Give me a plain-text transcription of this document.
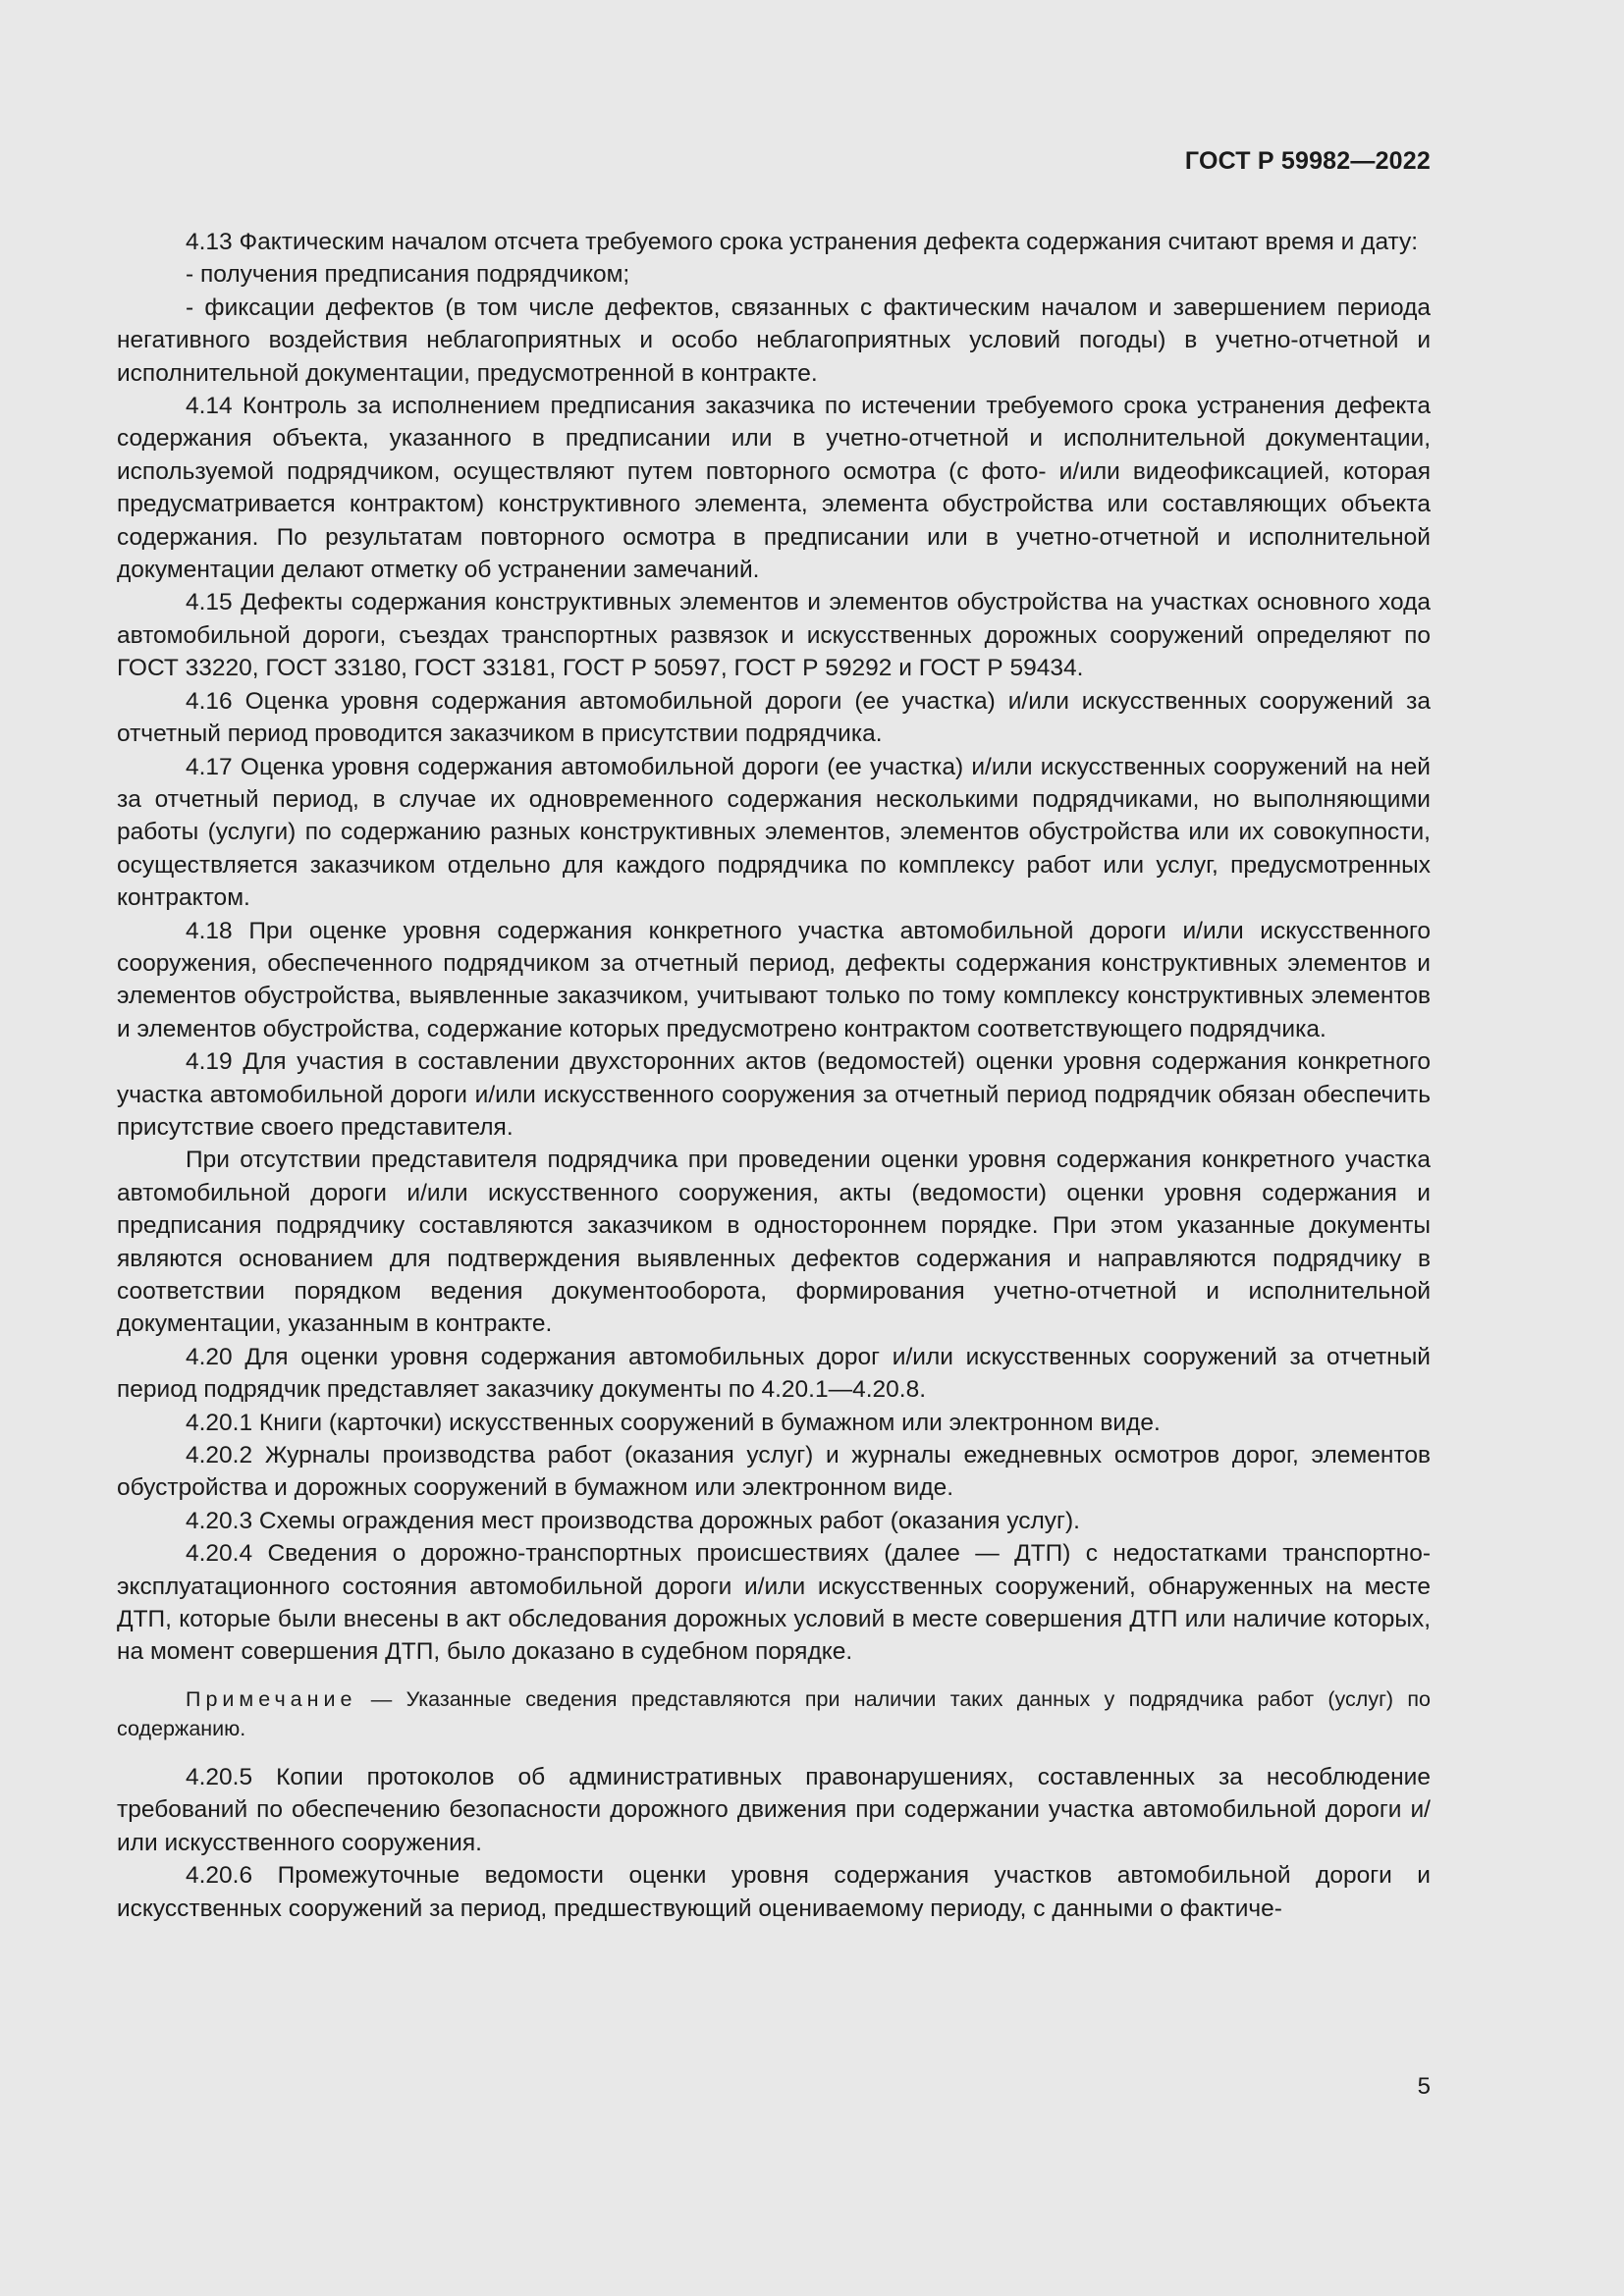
ГОСТ Р 59982—2022

4.13 Фактическим началом отсчета требуемого срока устранения дефекта содержания считают время и дату:

- получения предписания подрядчиком;

- фиксации дефектов (в том числе дефектов, связанных с фактическим началом и завершением периода негативного воздействия неблагоприятных и особо неблагоприятных условий погоды) в учетно-отчетной и исполнительной документации, предусмотренной в контракте.

4.14 Контроль за исполнением предписания заказчика по истечении требуемого срока устранения дефекта содержания объекта, указанного в предписании или в учетно-отчетной и исполнительной документации, используемой подрядчиком, осуществляют путем повторного осмотра (с фото- и/или видеофиксацией, которая предусматривается контрактом) конструктивного элемента, элемента обустройства или составляющих объекта содержания. По результатам повторного осмотра в предписании или в учетно-отчетной и исполнительной документации делают отметку об устранении замечаний.

4.15 Дефекты содержания конструктивных элементов и элементов обустройства на участках основного хода автомобильной дороги, съездах транспортных развязок и искусственных дорожных сооружений определяют по ГОСТ 33220, ГОСТ 33180, ГОСТ 33181, ГОСТ Р 50597, ГОСТ Р 59292 и ГОСТ Р 59434.

4.16 Оценка уровня содержания автомобильной дороги (ее участка) и/или искусственных сооружений за отчетный период проводится заказчиком в присутствии подрядчика.

4.17 Оценка уровня содержания автомобильной дороги (ее участка) и/или искусственных сооружений на ней за отчетный период, в случае их одновременного содержания несколькими подрядчиками, но выполняющими работы (услуги) по содержанию разных конструктивных элементов, элементов обустройства или их совокупности, осуществляется заказчиком отдельно для каждого подрядчика по комплексу работ или услуг, предусмотренных контрактом.

4.18 При оценке уровня содержания конкретного участка автомобильной дороги и/или искусственного сооружения, обеспеченного подрядчиком за отчетный период, дефекты содержания конструктивных элементов и элементов обустройства, выявленные заказчиком, учитывают только по тому комплексу конструктивных элементов и элементов обустройства, содержание которых предусмотрено контрактом соответствующего подрядчика.

4.19 Для участия в составлении двухсторонних актов (ведомостей) оценки уровня содержания конкретного участка автомобильной дороги и/или искусственного сооружения за отчетный период подрядчик обязан обеспечить присутствие своего представителя.

При отсутствии представителя подрядчика при проведении оценки уровня содержания конкретного участка автомобильной дороги и/или искусственного сооружения, акты (ведомости) оценки уровня содержания и предписания подрядчику составляются заказчиком в одностороннем порядке. При этом указанные документы являются основанием для подтверждения выявленных дефектов содержания и направляются подрядчику в соответствии порядком ведения документооборота, формирования учетно-отчетной и исполнительной документации, указанным в контракте.

4.20 Для оценки уровня содержания автомобильных дорог и/или искусственных сооружений за отчетный период подрядчик представляет заказчику документы по 4.20.1—4.20.8.

4.20.1 Книги (карточки) искусственных сооружений в бумажном или электронном виде.

4.20.2 Журналы производства работ (оказания услуг) и журналы ежедневных осмотров дорог, элементов обустройства и дорожных сооружений в бумажном или электронном виде.

4.20.3 Схемы ограждения мест производства дорожных работ (оказания услуг).

4.20.4 Сведения о дорожно-транспортных происшествиях (далее — ДТП) с недостатками транспортно-эксплуатационного состояния автомобильной дороги и/или искусственных сооружений, обнаруженных на месте ДТП, которые были внесены в акт обследования дорожных условий в месте совершения ДТП или наличие которых, на момент совершения ДТП, было доказано в судебном порядке.

Примечание — Указанные сведения представляются при наличии таких данных у подрядчика работ (услуг) по содержанию.

4.20.5 Копии протоколов об административных правонарушениях, составленных за несоблюдение требований по обеспечению безопасности дорожного движения при содержании участка автомобильной дороги и/или искусственного сооружения.

4.20.6 Промежуточные ведомости оценки уровня содержания участков автомобильной дороги и искусственных сооружений за период, предшествующий оцениваемому периоду, с данными о фактиче-

5
